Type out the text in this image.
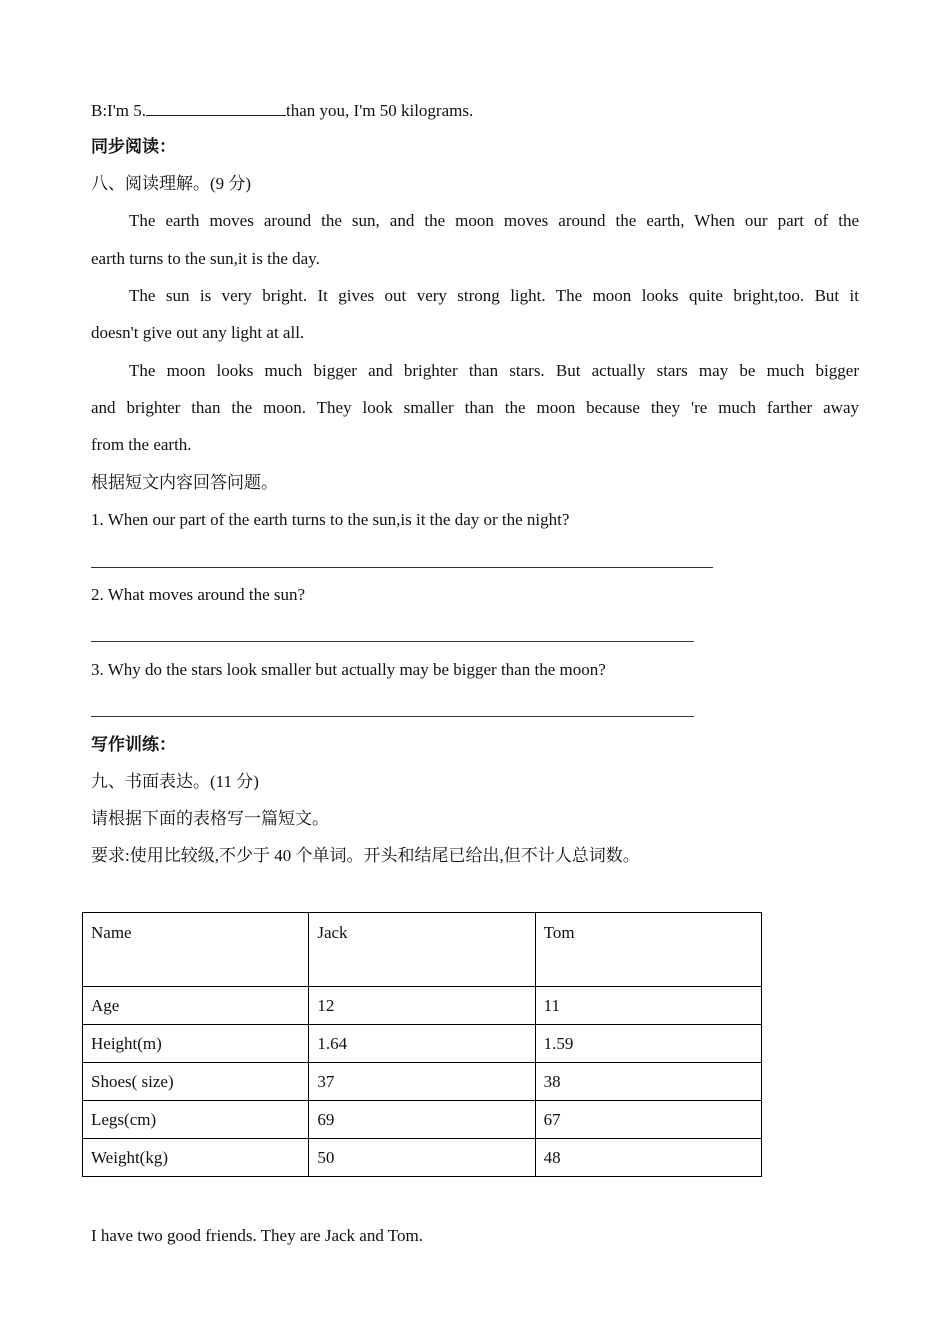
B:I'm 5.	than you, I'm 50 kilograms.
同步阅读：
八、阅读理解。(9 分)
The earth moves around the sun, and the moon moves around the earth, When our part of the
earth turns to the sun,it is the day.
The sun is very bright. It gives out very strong light. The moon looks quite bright,too. But it
doesn't give out any light at all.
The moon looks much bigger and brighter than stars. But actually stars may be much bigger
and brighter than the moon. They look smaller than the moon because they 're much farther away
from the earth.
根据短文内容回答问题。
1. When our part of the earth turns to the sun,is it the day or the night?
2. What moves around the sun?
3. Why do the stars look smaller but actually may be bigger than the moon?
写作训练：
九、书面表达。(11 分)
请根据下面的表格写一篇短文。
要求:使用比较级,不少于 40 个单词。开头和结尾已给出,但不计人总词数。
Name	Jack	Tom
Age	12	11
Height(m)	1.64	1.59
Shoes( size)	37	38
Legs(cm)	69	67
Weight(kg)	50	48
I have two good friends. They are Jack and Tom.
